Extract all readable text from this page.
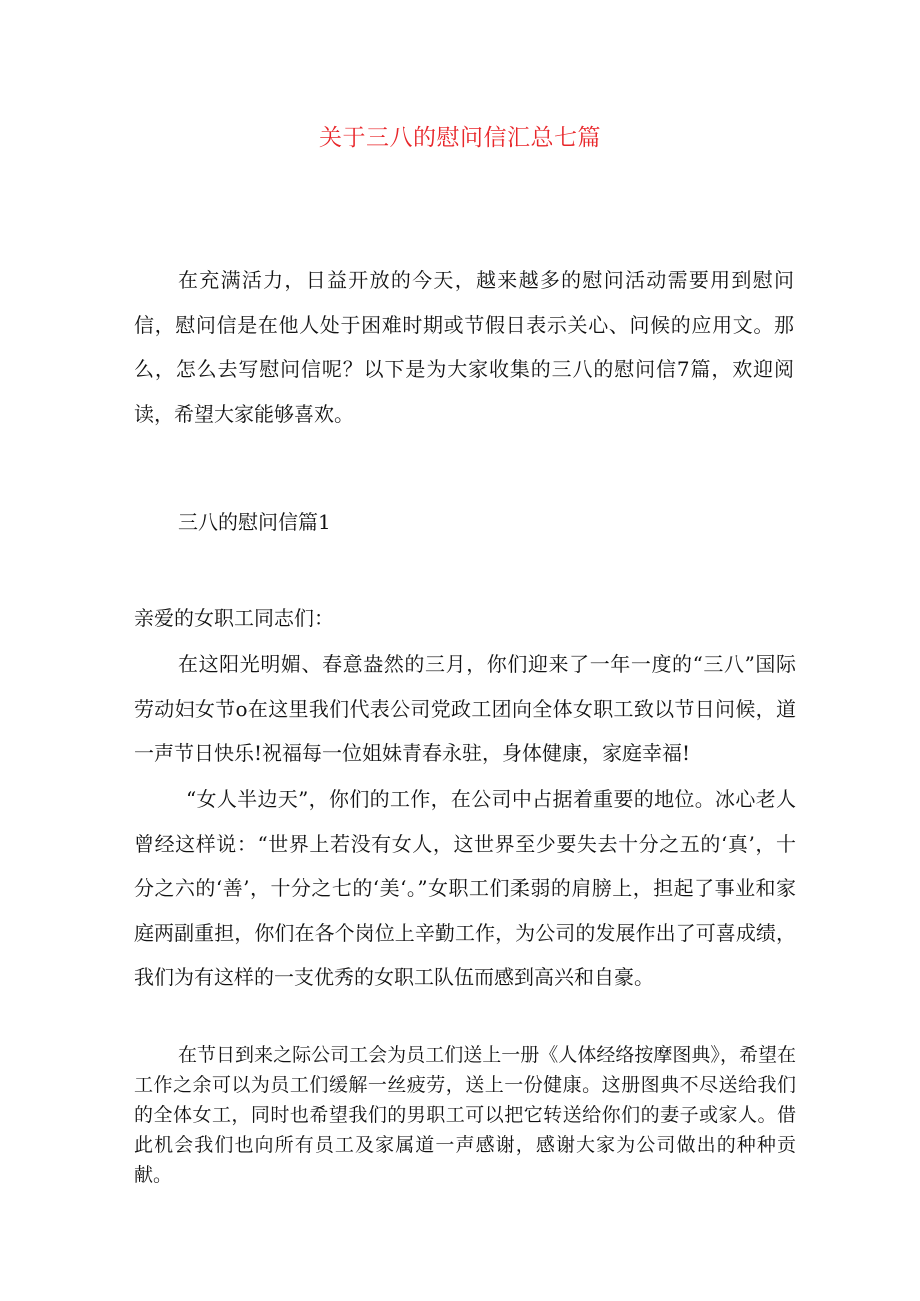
关于三八的慰问信汇总七篇

在充满活力，日益开放的今天，越来越多的慰问活动需要用到慰问信，慰问信是在他人处于困难时期或节假日表示关心、问候的应用文。那么，怎么去写慰问信呢？以下是为大家收集的三八的慰问信7篇，欢迎阅读，希望大家能够喜欢。

三八的慰问信篇1

亲爱的女职工同志们：

在这阳光明媚、春意盎然的三月，你们迎来了一年一度的“三八”国际劳动妇女节o在这里我们代表公司党政工团向全体女职工致以节日问候，道一声节日快乐!祝福每一位姐妹青春永驻，身体健康，家庭幸福!

“女人半边天”，你们的工作，在公司中占据着重要的地位。冰心老人曾经这样说：“世界上若没有女人，这世界至少要失去十分之五的‘真’，十分之六的‘善’，十分之七的‘美‘。”女职工们柔弱的肩膀上，担起了事业和家庭两副重担，你们在各个岗位上辛勤工作，为公司的发展作出了可喜成绩，我们为有这样的一支优秀的女职工队伍而感到高兴和自豪。

在节日到来之际公司工会为员工们送上一册《人体经络按摩图典》，希望在工作之余可以为员工们缓解一丝疲劳，送上一份健康。这册图典不尽送给我们的全体女工，同时也希望我们的男职工可以把它转送给你们的妻子或家人。借此机会我们也向所有员工及家属道一声感谢，感谢大家为公司做出的种种贡献。
